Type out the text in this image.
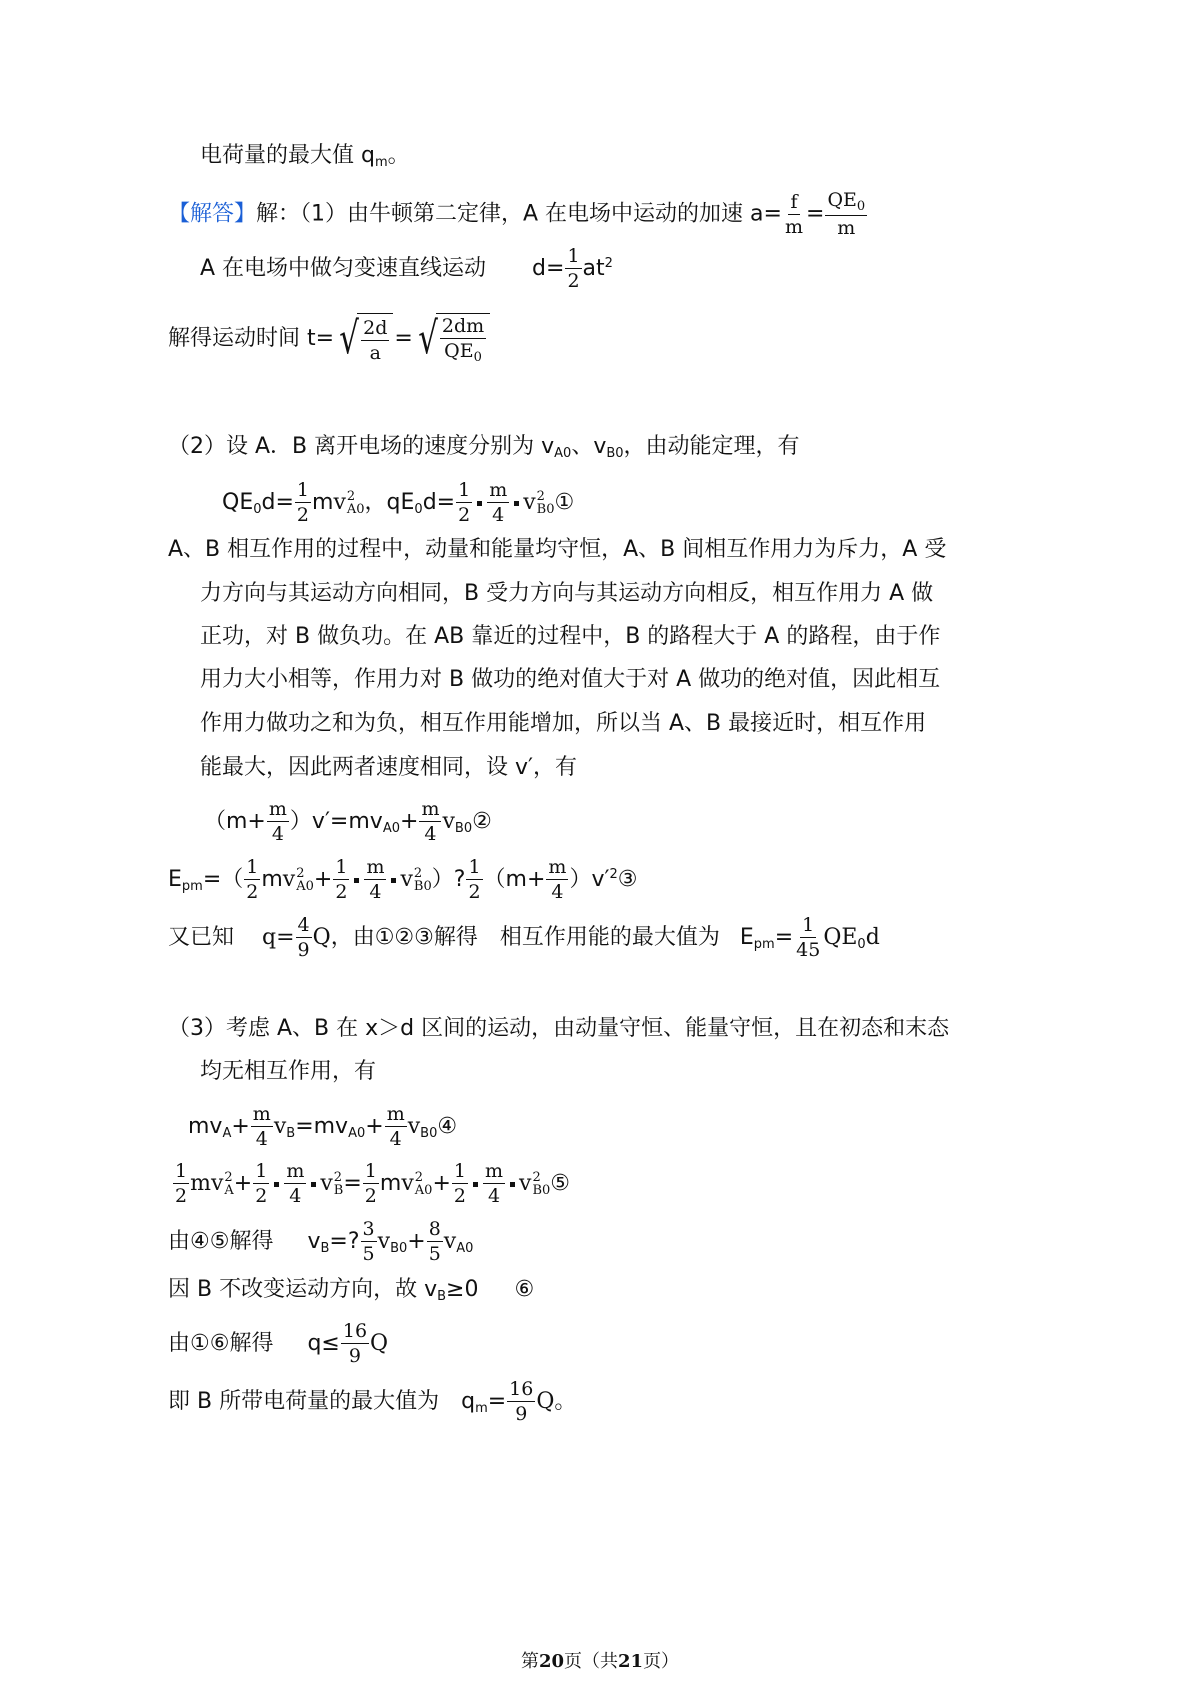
电荷量的最大值 $q_m$。
【解答】解：（1）由牛顿第二定律，A 在电场中运动的加速 $a= \frac{f}{m} = \frac{QE_0}{m}$
A 在电场中做匀变速直线运动 $d= \frac{1}{2} at^2$
解得运动时间 t= √ $\frac{2d}{a}$ = √ $\frac{2dm}{QE_0}$
（2）设 A．B 离开电场的速度分别为 $v_{A0}$、$v_{B0}$，由动能定理，有
$QE_0d= \frac{1}{2}$ m v 2
A0 ，$qE_0d= \frac{1}{2} \frac{m}{4}$ v 2
B0 ①
A、B 相互作用的过程中，动量和能量均守恒，A、B 间相互作用力为斥力，A 受
力方向与其运动方向相同，B 受力方向与其运动方向相反，相互作用力 A 做
正功，对 B 做负功。在 AB 靠近的过程中，B 的路程大于 A 的路程，由于作
用力大小相等，作用力对 B 做功的绝对值大于对 A 做功的绝对值，因此相互
作用力做功之和为负，相互作用能增加，所以当 A、B 最接近时，相互作用
能最大，因此两者速度相同，设 v′，有
$(m+ \frac{m}{4} )v'=mv_{A0}+ \frac{m}{4}$ $v_{B0}②$
$E_{pm}=( \frac{1}{2}$ m v 2
$A0 + \frac{1}{2} \frac{m}{4}$ v 2
B0 ）? $\frac{1}{2} (m+ \frac{m}{4}$ ）$v'^2③$
又已知 $q= \frac{4}{9}$ Q，由①②③解得　相互作用能的最大值为 $E_{pm}= \frac{1}{45} QE_0d$
（3）考虑 A、B 在 x＞d 区间的运动，由动量守恒、能量守恒，且在初态和末态
均无相互作用，有
$mv_A+ \frac{m}{4} v_B=mv_{A0}+ \frac{m}{4}$ $v_{B0}④$
$\frac{1}{2}$ m v 2
$A + \frac{1}{2} \frac{m}{4}$ v 2
$B = \frac{1}{2}$ m v 2
$A0 + \frac{1}{2} \frac{m}{4}$ v 2
B0 ⑤
由④⑤解得 $v_B=$? $\frac{3}{5} v_{B0}+ \frac{8}{5} v_{A0}$
因 B 不改变运动方向，故 $v_B\ge 0$ ⑥
由①⑥解得 $q\le \frac{16}{9}$ Q
即 B 所带电荷量的最大值为 $q_m= \frac{16}{9}$ Q。
第20页（共21页）
